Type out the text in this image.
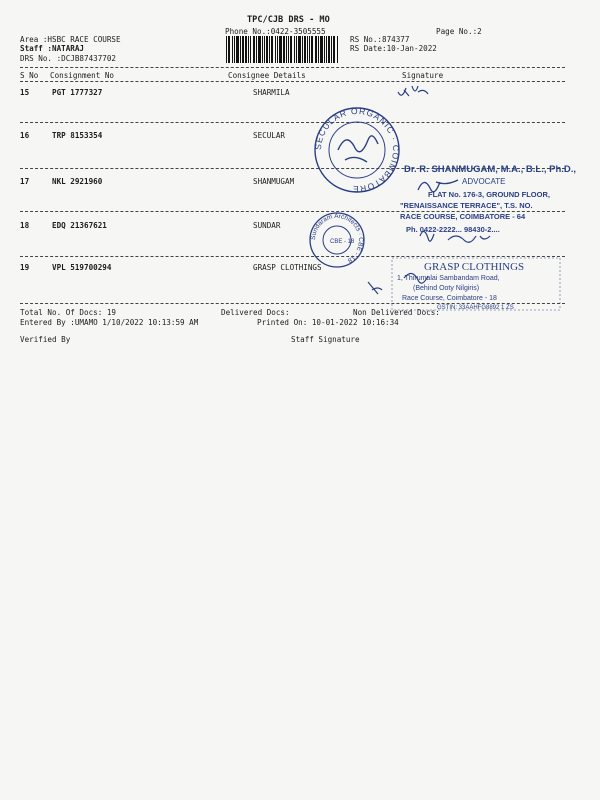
TPC/CJB DRS - MO
Phone No.:0422-3505555	Page No.:2
Area :HSBC RACE COURSE
Staff :NATARAJ
DRS No. :DCJB87437702
RS No.:874377
RS Date:10-Jan-2022
S No Consignment No	Consignee Details	Signature
15	PGT 1777327	SHARMILA
16	TRP 8153354	SECULAR
17	NKL 2921960	SHANMUGAM
18	EDQ 21367621	SUNDAR
19	VPL 519700294	GRASP CLOTHINGS
Total No. Of Docs: 19	Delivered Docs:	Non Delivered Docs:
Entered By :UMAMO 1/10/2022 10:13:59 AM	Printed On: 10-01-2022 10:16:34
Verified By	Staff Signature
SECULAR ORGANIC · COIMBATORE
Sundaram Architects · CBE - 18
CBE - 18
Dr. R. SHANMUGAM, M.A., B.L., Ph.D.,
ADVOCATE
FLAT No. 176-3, GROUND FLOOR,
"RENAISSANCE TERRACE", T.S. NO.
RACE COURSE, COIMBATORE - 64
Ph. 0422-2222... 98430-2....
GRASP CLOTHINGS
1, Thirumalai Sambandam Road,
(Behind Ooty Nilgiris)
Race Course, Coimbatore - 18
GSTIN: 33AAHFG8892 1 ZS
